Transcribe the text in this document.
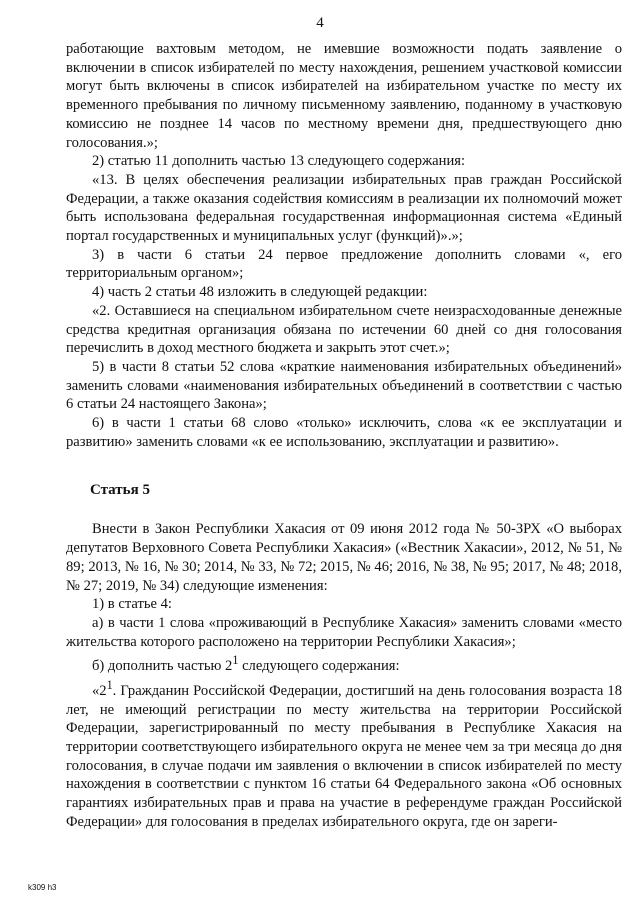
4

работающие вахтовым методом, не имевшие возможности подать заявление о включении в список избирателей по месту нахождения, решением участковой комиссии могут быть включены в список избирателей на избирательном участке по месту их временного пребывания по личному письменному заявлению, поданному в участковую комиссию не позднее 14 часов по местному времени дня, предшествующего дню голосования.»;

2) статью 11 дополнить частью 13 следующего содержания:

«13. В целях обеспечения реализации избирательных прав граждан Российской Федерации, а также оказания содействия комиссиям в реализации их полномочий может быть использована федеральная государственная информационная система «Единый портал государственных и муниципальных услуг (функций)».»;

3) в части 6 статьи 24 первое предложение дополнить словами «, его территориальным органом»;

4) часть 2 статьи 48 изложить в следующей редакции:

«2. Оставшиеся на специальном избирательном счете неизрасходованные денежные средства кредитная организация обязана по истечении 60 дней со дня голосования перечислить в доход местного бюджета и закрыть этот счет.»;

5) в части 8 статьи 52 слова «краткие наименования избирательных объединений» заменить словами «наименования избирательных объединений в соответствии с частью 6 статьи 24 настоящего Закона»;

6) в части 1 статьи 68 слово «только» исключить, слова «к ее эксплуатации и развитию» заменить словами «к ее использованию, эксплуатации и развитию».

Статья 5

Внести в Закон Республики Хакасия от 09 июня 2012 года № 50-ЗРХ «О выборах депутатов Верховного Совета Республики Хакасия» («Вестник Хакасии», 2012, № 51, № 89; 2013, № 16, № 30; 2014, № 33, № 72; 2015, № 46; 2016, № 38, № 95; 2017, № 48; 2018, № 27; 2019, № 34) следующие изменения:

1) в статье 4:

а) в части 1 слова «проживающий в Республике Хакасия» заменить словами «место жительства которого расположено на территории Республики Хакасия»;

б) дополнить частью $2^1$ следующего содержания:

«$2^1$. Гражданин Российской Федерации, достигший на день голосования возраста 18 лет, не имеющий регистрации по месту жительства на территории Российской Федерации, зарегистрированный по месту пребывания в Республике Хакасия на территории соответствующего избирательного округа не менее чем за три месяца до дня голосования, в случае подачи им заявления о включении в список избирателей по месту нахождения в соответствии с пунктом 16 статьи 64 Федерального закона «Об основных гарантиях избирательных прав и права на участие в референдуме граждан Российской Федерации» для голосования в пределах избирательного округа, где он зареги-

k309 h3
